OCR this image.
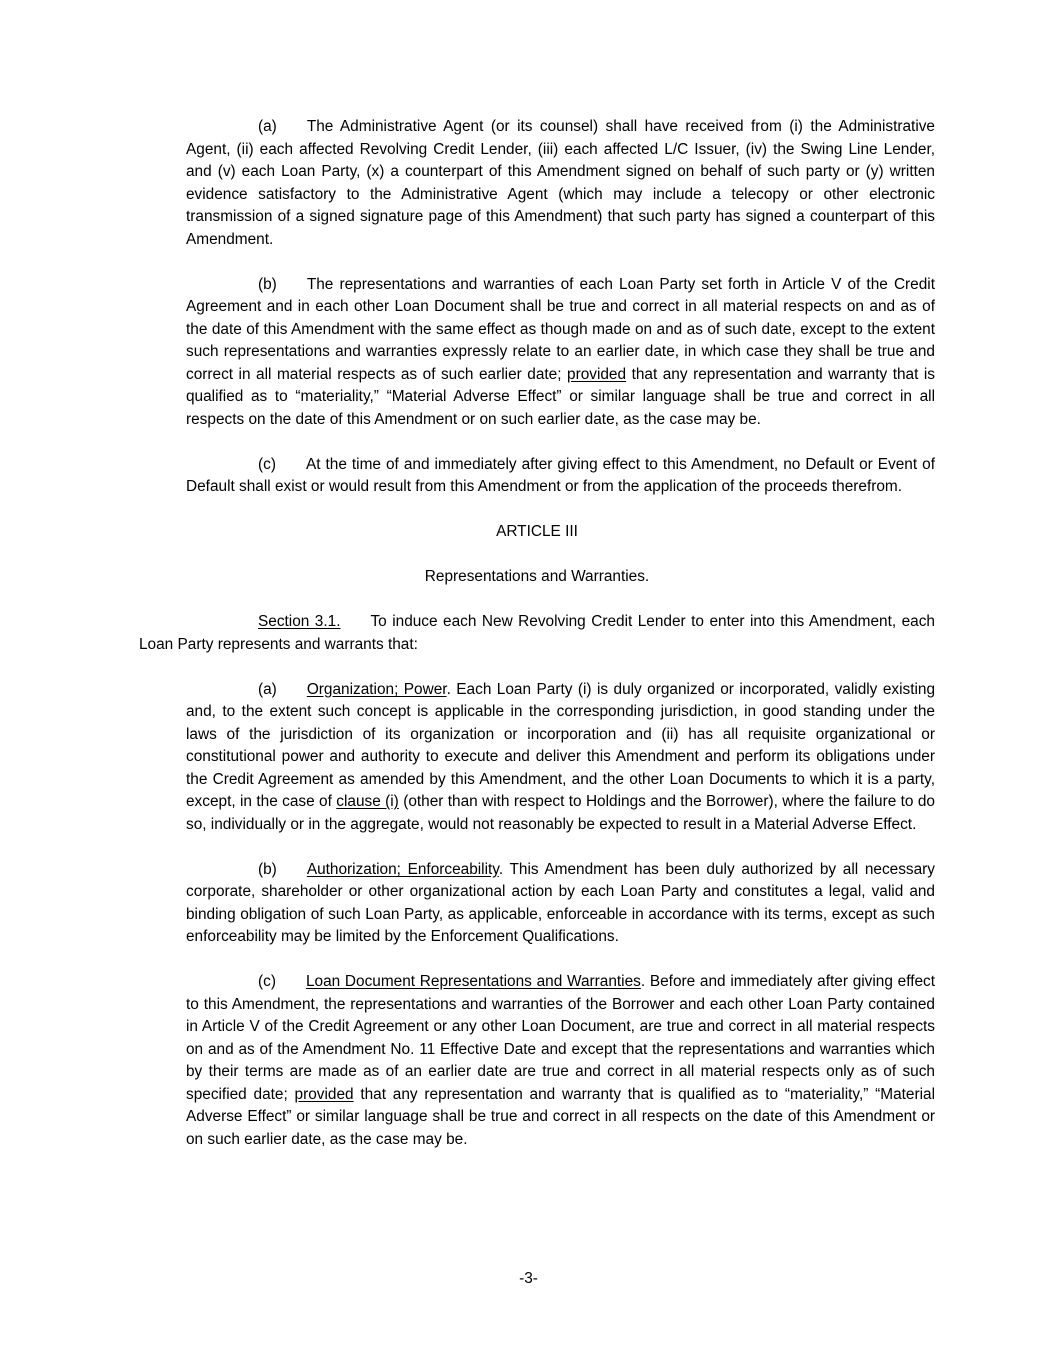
(a) The Administrative Agent (or its counsel) shall have received from (i) the Administrative Agent, (ii) each affected Revolving Credit Lender, (iii) each affected L/C Issuer, (iv) the Swing Line Lender, and (v) each Loan Party, (x) a counterpart of this Amendment signed on behalf of such party or (y) written evidence satisfactory to the Administrative Agent (which may include a telecopy or other electronic transmission of a signed signature page of this Amendment) that such party has signed a counterpart of this Amendment.
(b) The representations and warranties of each Loan Party set forth in Article V of the Credit Agreement and in each other Loan Document shall be true and correct in all material respects on and as of the date of this Amendment with the same effect as though made on and as of such date, except to the extent such representations and warranties expressly relate to an earlier date, in which case they shall be true and correct in all material respects as of such earlier date; provided that any representation and warranty that is qualified as to “materiality,” “Material Adverse Effect” or similar language shall be true and correct in all respects on the date of this Amendment or on such earlier date, as the case may be.
(c) At the time of and immediately after giving effect to this Amendment, no Default or Event of Default shall exist or would result from this Amendment or from the application of the proceeds therefrom.
ARTICLE III
Representations and Warranties.
Section 3.1. To induce each New Revolving Credit Lender to enter into this Amendment, each Loan Party represents and warrants that:
(a) Organization; Power. Each Loan Party (i) is duly organized or incorporated, validly existing and, to the extent such concept is applicable in the corresponding jurisdiction, in good standing under the laws of the jurisdiction of its organization or incorporation and (ii) has all requisite organizational or constitutional power and authority to execute and deliver this Amendment and perform its obligations under the Credit Agreement as amended by this Amendment, and the other Loan Documents to which it is a party, except, in the case of clause (i) (other than with respect to Holdings and the Borrower), where the failure to do so, individually or in the aggregate, would not reasonably be expected to result in a Material Adverse Effect.
(b) Authorization; Enforceability. This Amendment has been duly authorized by all necessary corporate, shareholder or other organizational action by each Loan Party and constitutes a legal, valid and binding obligation of such Loan Party, as applicable, enforceable in accordance with its terms, except as such enforceability may be limited by the Enforcement Qualifications.
(c) Loan Document Representations and Warranties. Before and immediately after giving effect to this Amendment, the representations and warranties of the Borrower and each other Loan Party contained in Article V of the Credit Agreement or any other Loan Document, are true and correct in all material respects on and as of the Amendment No. 11 Effective Date and except that the representations and warranties which by their terms are made as of an earlier date are true and correct in all material respects only as of such specified date; provided that any representation and warranty that is qualified as to “materiality,” “Material Adverse Effect” or similar language shall be true and correct in all respects on the date of this Amendment or on such earlier date, as the case may be.
-3-
